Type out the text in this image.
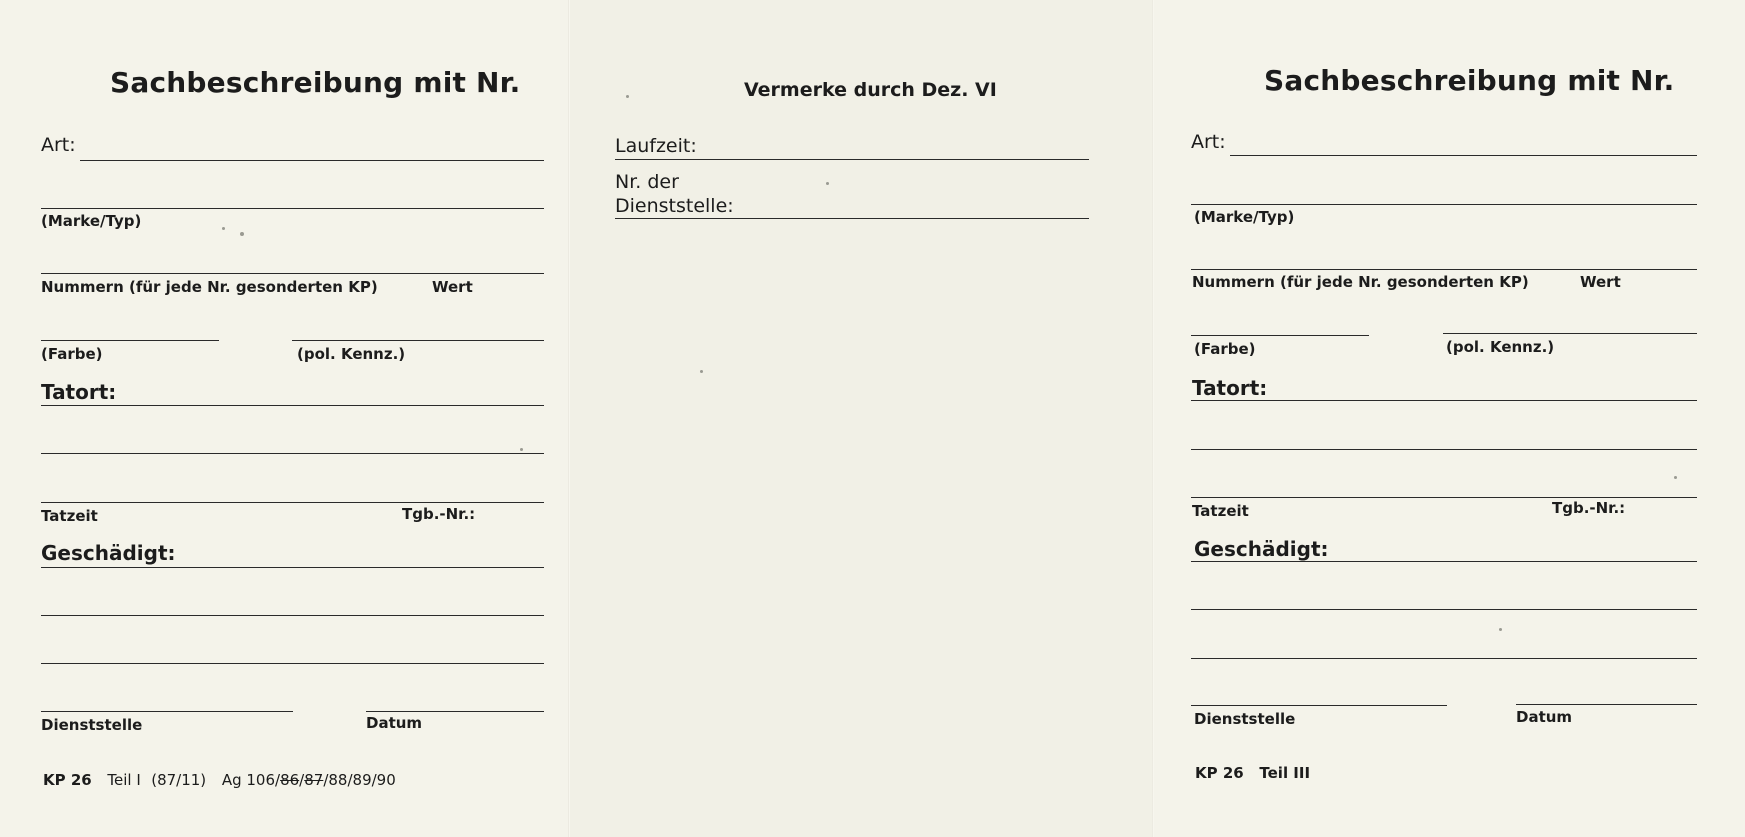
Sachbeschreibung mit Nr.
Art:
(Marke/Typ)
Nummern (für jede Nr. gesonderten KP)	Wert
(Farbe)	(pol. Kennz.)
Tatort:
Tatzeit	Tgb.-Nr.:
Geschädigt:
Dienststelle	Datum
KP 26 Teil I (87/11) Ag 106/86/87/88/89/90
Vermerke durch Dez. VI
Laufzeit:
Nr. der
Dienststelle:
Sachbeschreibung mit Nr.
Art:
(Marke/Typ)
Nummern (für jede Nr. gesonderten KP)	Wert
(Farbe)	(pol. Kennz.)
Tatort:
Tatzeit	Tgb.-Nr.:
Geschädigt:
Dienststelle	Datum
KP 26 Teil III
